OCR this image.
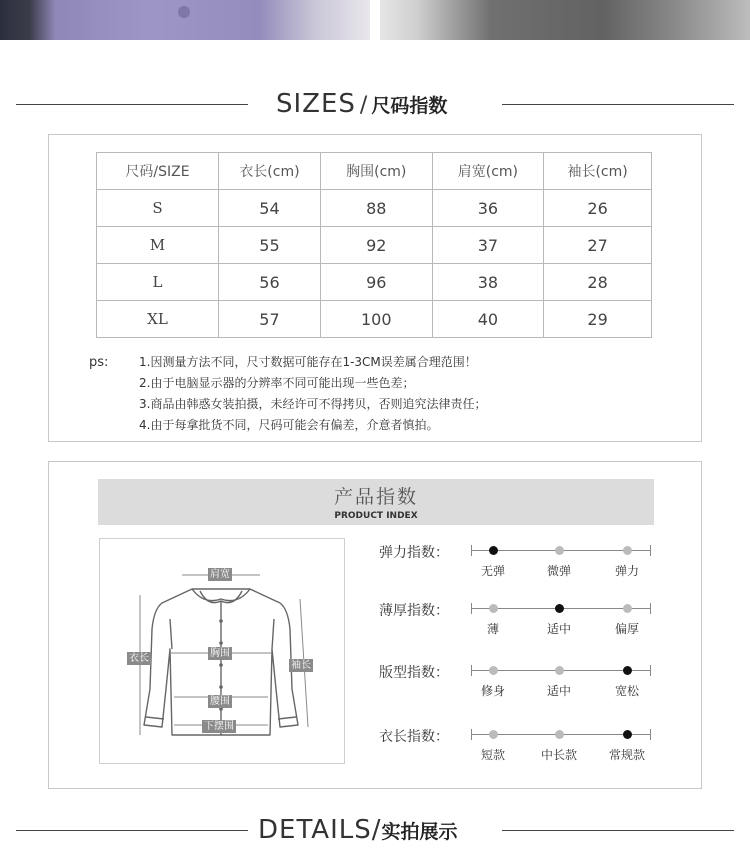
SIZES / 尺码指数
尺码/SIZE	衣长(cm)	胸围(cm)	肩宽(cm)	袖长(cm)
S	54	88	36	26
M	55	92	37	27
L	56	96	38	28
XL	57	100	40	29
ps:	1.因测量方法不同，尺寸数据可能存在1-3CM误差属合理范围！
2.由于电脑显示器的分辨率不同可能出现一些色差；
3.商品由韩惑女装拍摄，未经许可不得拷贝，否则追究法律责任；
4.由于每拿批货不同，尺码可能会有偏差，介意者慎拍。
产品指数
PRODUCT INDEX
肩宽
衣长	胸围
袖长
腰围
下摆围
弹力指数：
无弹	微弹	弹力
薄厚指数：
薄	适中	偏厚
版型指数：
修身	适中	宽松
衣长指数：
短款	中长款	常规款
DETAILS/实拍展示
